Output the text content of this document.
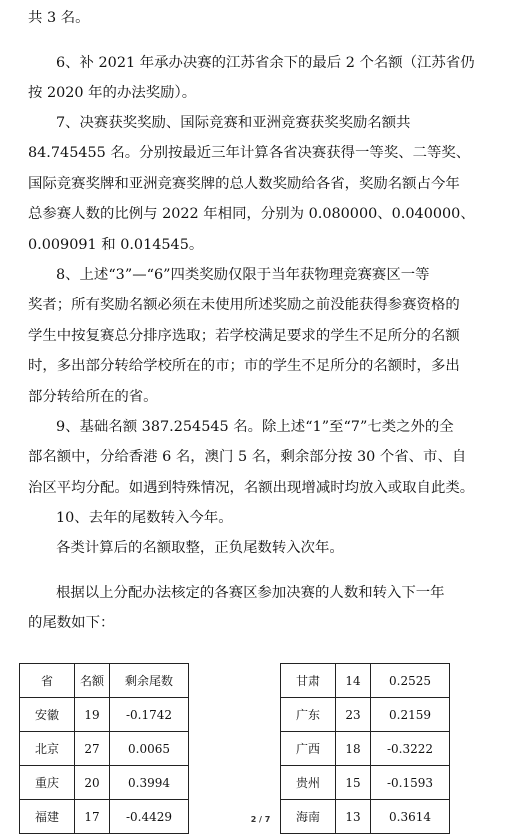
共 3 名。
6、补 2021 年承办决赛的江苏省余下的最后 2 个名额（江苏省仍
按 2020 年的办法奖励）。
7、决赛获奖奖励、国际竞赛和亚洲竞赛获奖奖励名额共
84.745455 名。分别按最近三年计算各省决赛获得一等奖、二等奖、
国际竞赛奖牌和亚洲竞赛奖牌的总人数奖励给各省，奖励名额占今年
总参赛人数的比例与 2022 年相同，分别为 0.080000、0.040000、
0.009091 和 0.014545。
8、上述“3”—“6”四类奖励仅限于当年获物理竞赛赛区一等
奖者；所有奖励名额必须在未使用所述奖励之前没能获得参赛资格的
学生中按复赛总分排序选取；若学校满足要求的学生不足所分的名额
时，多出部分转给学校所在的市；市的学生不足所分的名额时，多出
部分转给所在的省。
9、基础名额 387.254545 名。除上述“1”至“7”七类之外的全
部名额中，分给香港 6 名，澳门 5 名，剩余部分按 30 个省、市、自
治区平均分配。如遇到特殊情况，名额出现增减时均放入或取自此类。
10、去年的尾数转入今年。
各类计算后的名额取整，正负尾数转入次年。
根据以上分配办法核定的各赛区参加决赛的人数和转入下一年
的尾数如下：
省	名额	剩余尾数
安徽	19	-0.1742
北京	27	0.0065
重庆	20	0.3994
福建	17	-0.4429
甘肃	14	0.2525
广东	23	0.2159
广西	18	-0.3222
贵州	15	-0.1593
海南	13	0.3614
2 / 7
